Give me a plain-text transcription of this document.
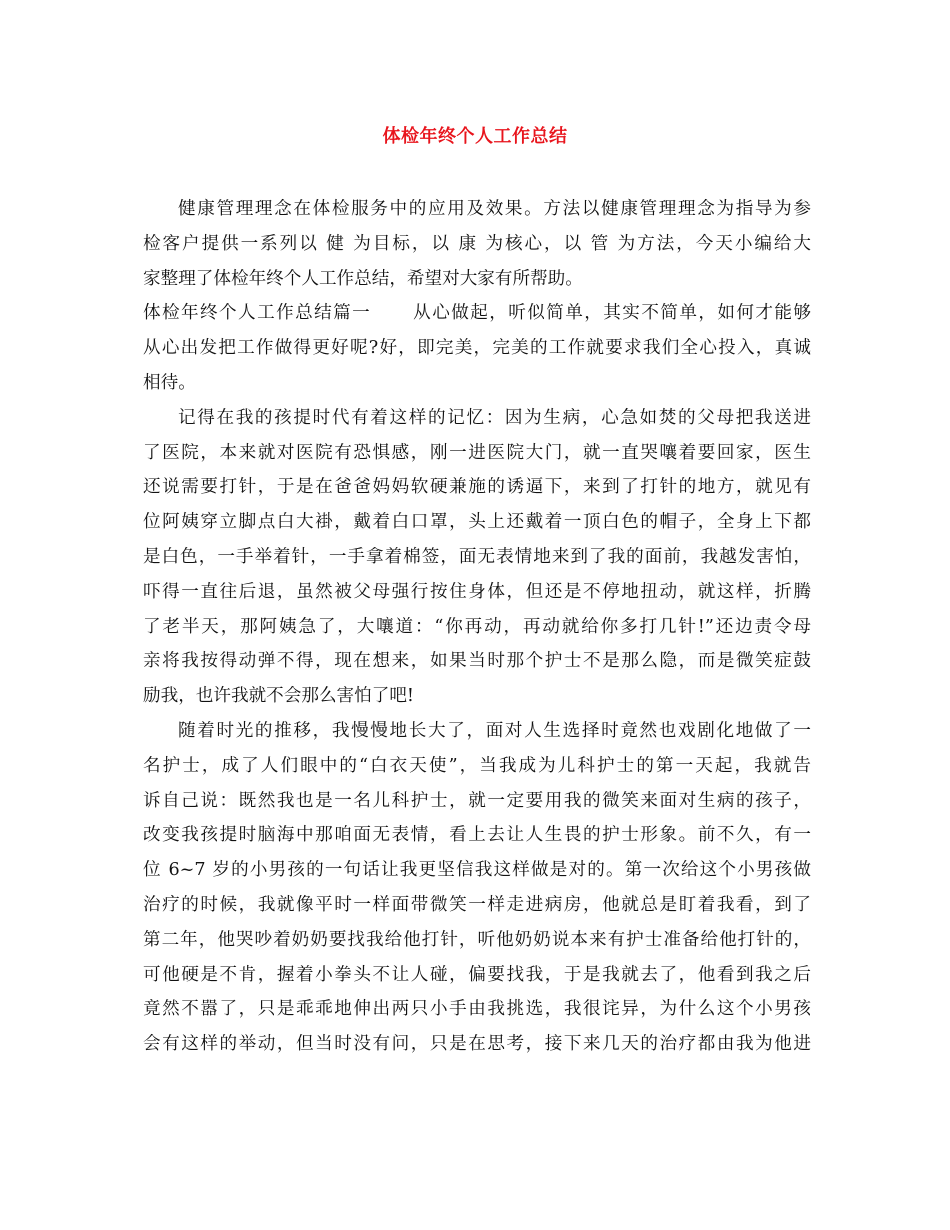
体检年终个人工作总结
健康管理理念在体检服务中的应用及效果。方法以健康管理理念为指导为参
检客户提供一系列以 健 为目标，以 康 为核心，以 管 为方法，今天小编给大
家整理了体检年终个人工作总结，希望对大家有所帮助。
体检年终个人工作总结篇一      从心做起，听似简单，其实不简单，如何才能够
从心出发把工作做得更好呢?好，即完美，完美的工作就要求我们全心投入，真诚
相待。
记得在我的孩提时代有着这样的记忆：因为生病，心急如焚的父母把我送进
了医院，本来就对医院有恐惧感，刚一进医院大门，就一直哭嚷着要回家，医生
还说需要打针，于是在爸爸妈妈软硬兼施的诱逼下，来到了打针的地方，就见有
位阿姨穿立脚点白大褂，戴着白口罩，头上还戴着一顶白色的帽子，全身上下都
是白色，一手举着针，一手拿着棉签，面无表情地来到了我的面前，我越发害怕，
吓得一直往后退，虽然被父母强行按住身体，但还是不停地扭动，就这样，折腾
了老半天，那阿姨急了，大嚷道：“你再动，再动就给你多打几针!”还边责令母
亲将我按得动弹不得，现在想来，如果当时那个护士不是那么隐，而是微笑症鼓
励我，也许我就不会那么害怕了吧!
随着时光的推移，我慢慢地长大了，面对人生选择时竟然也戏剧化地做了一
名护士，成了人们眼中的“白衣天使”，当我成为儿科护士的第一天起，我就告
诉自己说：既然我也是一名儿科护士，就一定要用我的微笑来面对生病的孩子，
改变我孩提时脑海中那咱面无表情，看上去让人生畏的护士形象。前不久，有一
位 6~7 岁的小男孩的一句话让我更坚信我这样做是对的。第一次给这个小男孩做
治疗的时候，我就像平时一样面带微笑一样走进病房，他就总是盯着我看，到了
第二年，他哭吵着奶奶要找我给他打针，听他奶奶说本来有护士准备给他打针的，
可他硬是不肯，握着小拳头不让人碰，偏要找我，于是我就去了，他看到我之后
竟然不嚣了，只是乖乖地伸出两只小手由我挑选，我很诧异，为什么这个小男孩
会有这样的举动，但当时没有问，只是在思考，接下来几天的治疗都由我为他进
